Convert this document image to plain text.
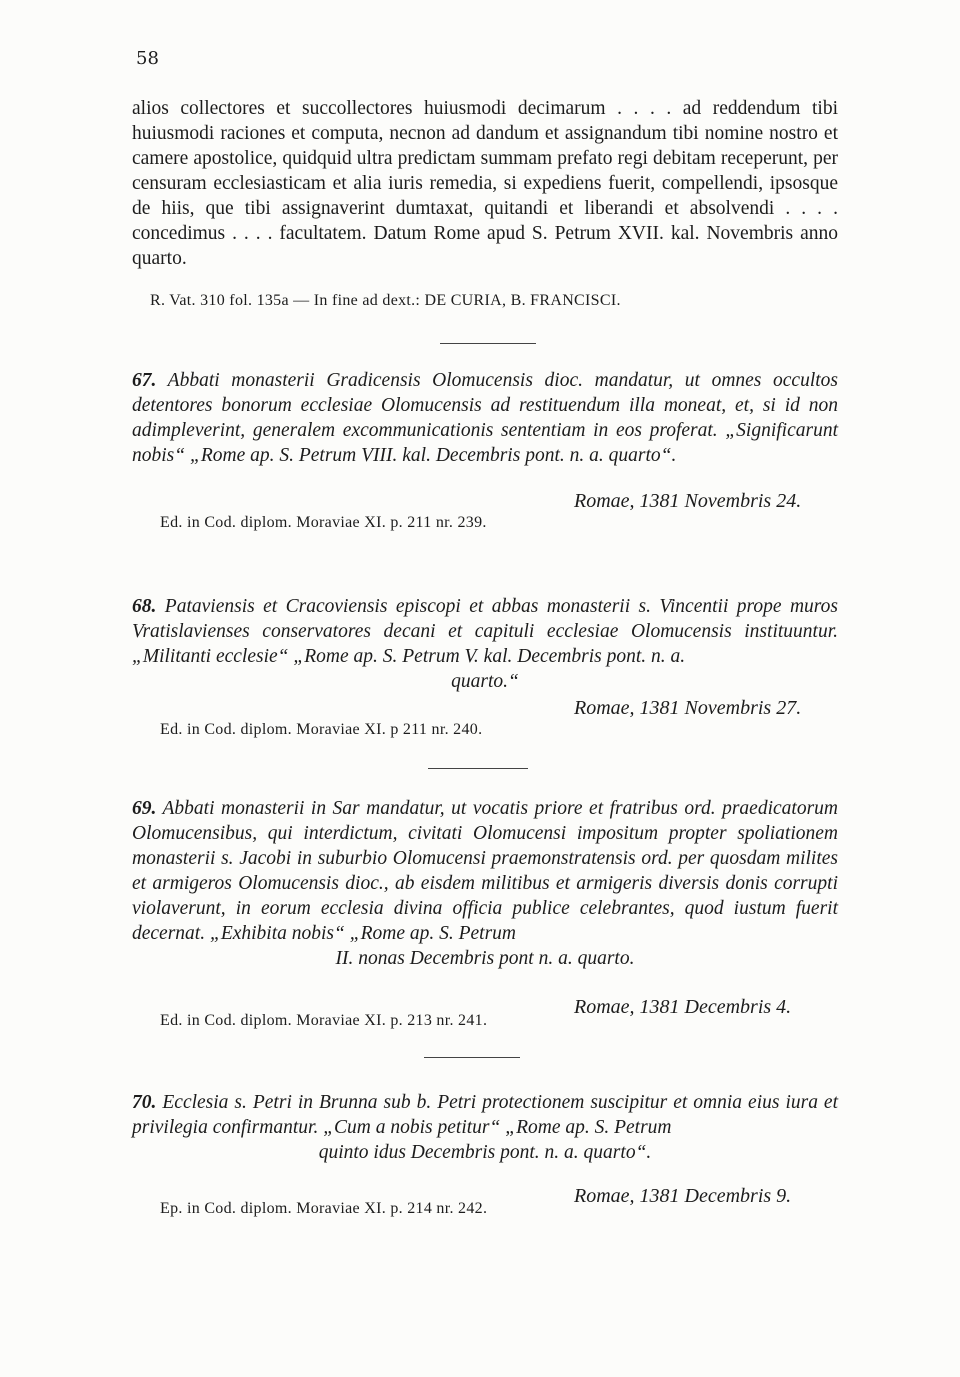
58

alios collectores et succollectores huiusmodi decimarum . . . . ad reddendum tibi huiusmodi raciones et computa, necnon ad dandum et assignandum tibi nomine nostro et camere apostolice, quidquid ultra predictam summam prefato regi debitam receperunt, per censuram ecclesiasticam et alia iuris remedia, si expediens fuerit, compellendi, ipsosque de hiis, que tibi assignaverint dumtaxat, quitandi et liberandi et absolvendi . . . . concedimus . . . . facultatem. Datum Rome apud S. Petrum XVII. kal. Novembris anno quarto.

R. Vat. 310 fol. 135a — In fine ad dext.: DE CURIA, B. FRANCISCI.

67. Abbati monasterii Gradicensis Olomucensis dioc. mandatur, ut omnes occultos detentores bonorum ecclesiae Olomucensis ad restituendum illa moneat, et, si id non adimpleverint, generalem excommunicationis sententiam in eos proferat. „Significarunt nobis“ „Rome ap. S. Petrum VIII. kal. Decembris pont. n. a. quarto“.

Romae, 1381 Novembris 24.
Ed. in Cod. diplom. Moraviae XI. p. 211 nr. 239.

68. Pataviensis et Cracoviensis episcopi et abbas monasterii s. Vincentii prope muros Vratislavienses conservatores decani et capituli ecclesiae Olomucensis instituuntur. „Militanti ecclesie“ „Rome ap. S. Petrum V. kal. Decembris pont. n. a.
quarto.“

Romae, 1381 Novembris 27.
Ed. in Cod. diplom. Moraviae XI. p 211 nr. 240.

69. Abbati monasterii in Sar mandatur, ut vocatis priore et fratribus ord. praedicatorum Olomucensibus, qui interdictum, civitati Olomucensi impositum propter spoliationem monasterii s. Jacobi in suburbio Olomucensi praemonstratensis ord. per quosdam milites et armigeros Olomucensis dioc., ab eisdem militibus et armigeris diversis donis corrupti violaverunt, in eorum ecclesia divina officia publice celebrantes, quod iustum fuerit decernat. „Exhibita nobis“ „Rome ap. S. Petrum
II. nonas Decembris pont n. a. quarto.

Romae, 1381 Decembris 4.
Ed. in Cod. diplom. Moraviae XI. p. 213 nr. 241.

70. Ecclesia s. Petri in Brunna sub b. Petri protectionem suscipitur et omnia eius iura et privilegia confirmantur. „Cum a nobis petitur“ „Rome ap. S. Petrum
quinto idus Decembris pont. n. a. quarto“.

Romae, 1381 Decembris 9.
Ep. in Cod. diplom. Moraviae XI. p. 214 nr. 242.
